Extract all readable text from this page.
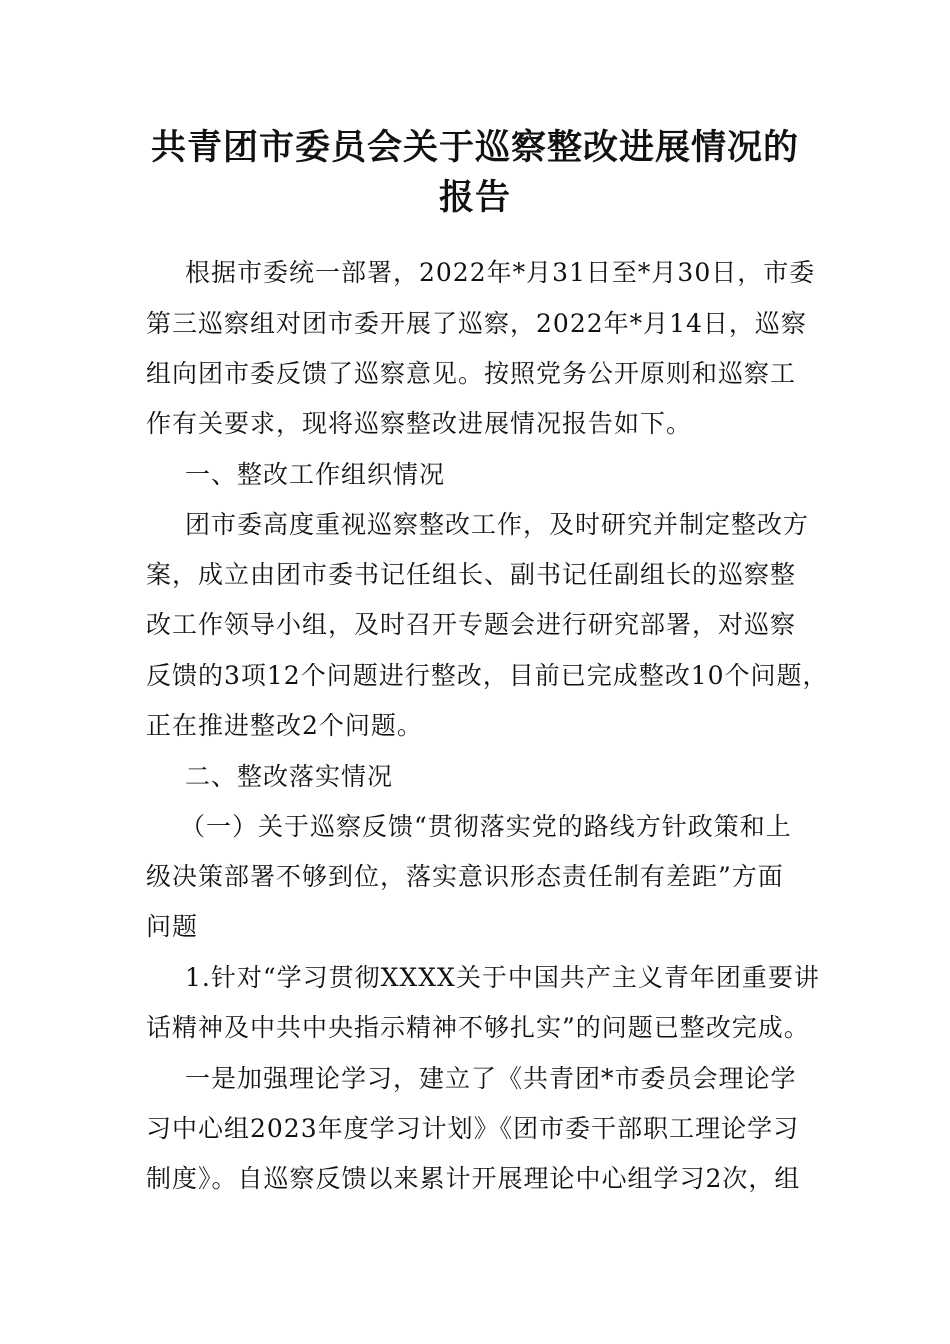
共青团市委员会关于巡察整改进展情况的
报告
根据市委统一部署，2022年*月31日至*月30日，市委
第三巡察组对团市委开展了巡察，2022年*月14日，巡察
组向团市委反馈了巡察意见。按照党务公开原则和巡察工
作有关要求，现将巡察整改进展情况报告如下。
一、整改工作组织情况
团市委高度重视巡察整改工作，及时研究并制定整改方
案，成立由团市委书记任组长、副书记任副组长的巡察整
改工作领导小组，及时召开专题会进行研究部署，对巡察
反馈的3项12个问题进行整改，目前已完成整改10个问题，
正在推进整改2个问题。
二、整改落实情况
（一）关于巡察反馈“贯彻落实党的路线方针政策和上
级决策部署不够到位，落实意识形态责任制有差距”方面
问题
1.针对“学习贯彻XXXX关于中国共产主义青年团重要讲
话精神及中共中央指示精神不够扎实”的问题已整改完成。
一是加强理论学习，建立了《共青团*市委员会理论学
习中心组2023年度学习计划》《团市委干部职工理论学习
制度》。自巡察反馈以来累计开展理论中心组学习2次，组
